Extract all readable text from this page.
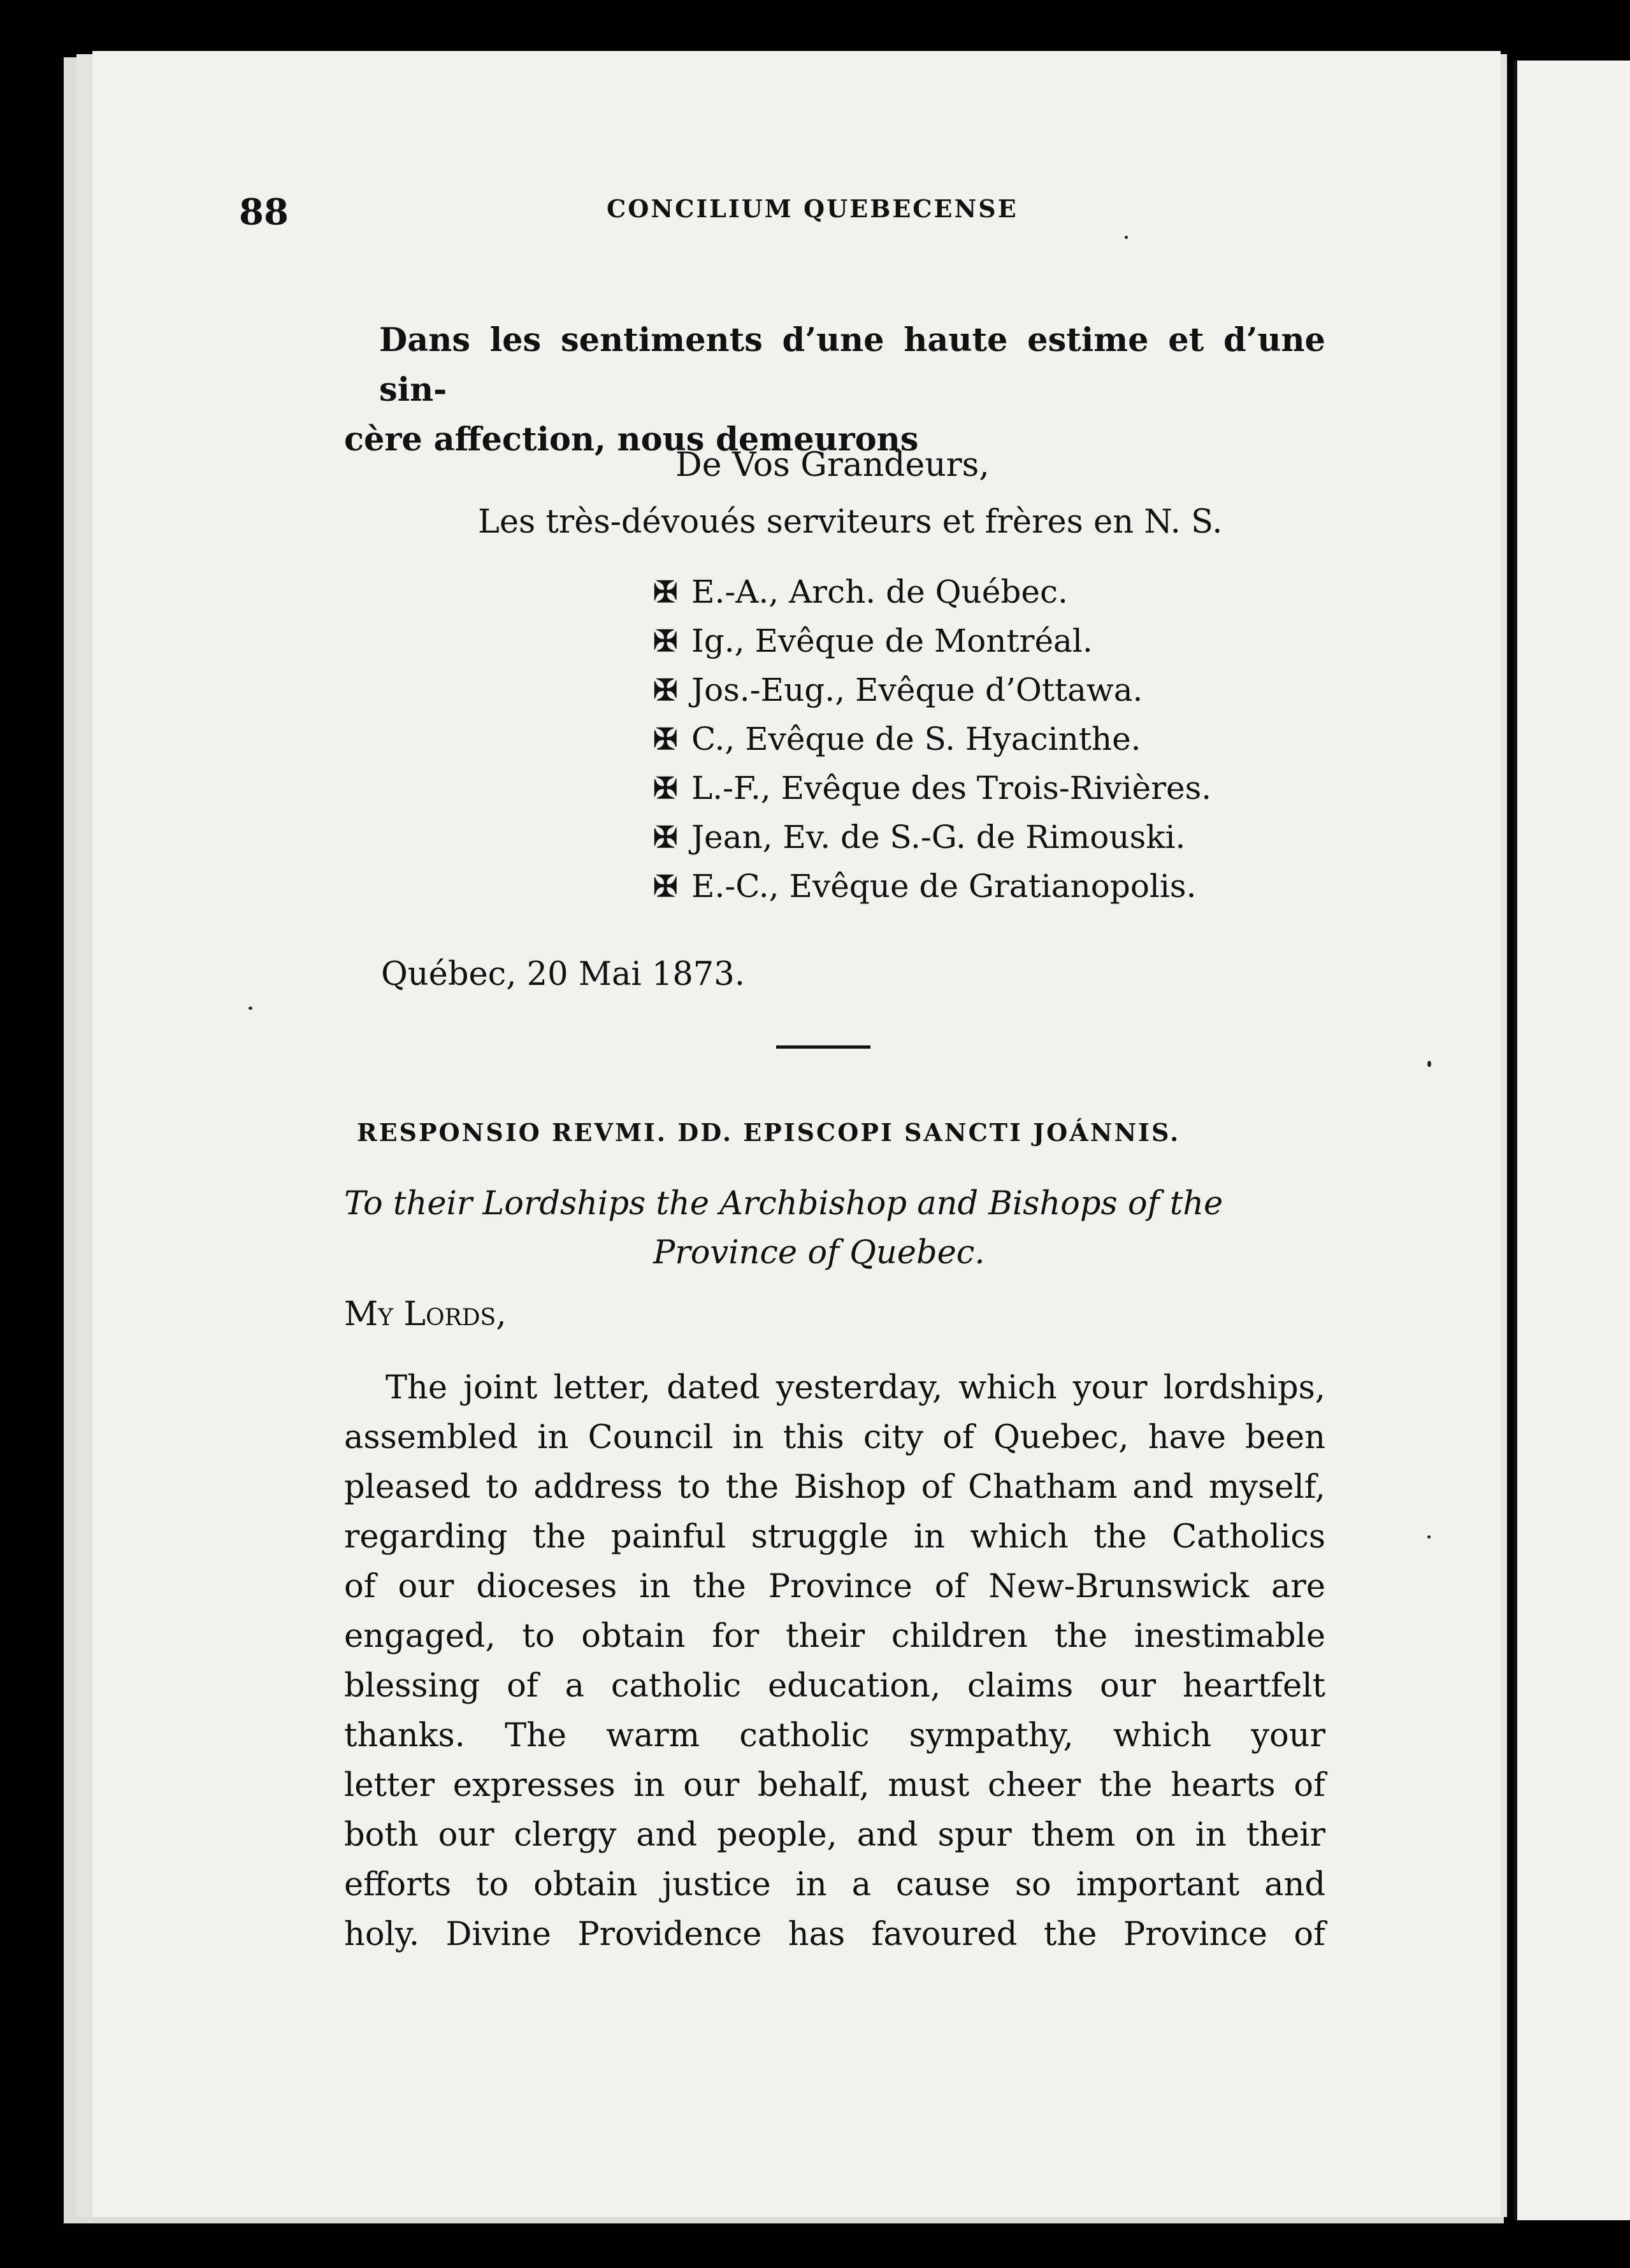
88	CONCILIUM QUEBECENSE
Dans les sentiments d’une haute estime et d’une sin-
cère affection, nous demeurons
De Vos Grandeurs,
Les très-dévoués serviteurs et frères en N. S.
✠ E.-A., Arch. de Québec.
✠ Ig., Evêque de Montréal.
✠ Jos.-Eug., Evêque d’Ottawa.
✠ C., Evêque de S. Hyacinthe.
✠ L.-F., Evêque des Trois-Rivières.
✠ Jean, Ev. de S.-G. de Rimouski.
✠ E.-C., Evêque de Gratianopolis.
Québec, 20 Mai 1873.
RESPONSIO REVMI. DD. EPISCOPI SANCTI JOÁNNIS.
To their Lordships the Archbishop and Bishops of the
Province of Quebec.
My Lords,
The joint letter, dated yesterday, which your lordships,
assembled in Council in this city of Quebec, have been
pleased to address to the Bishop of Chatham and myself,
regarding the painful struggle in which the Catholics
of our dioceses in the Province of New-Brunswick are
engaged, to obtain for their children the inestimable
blessing of a catholic education, claims our heartfelt
thanks. The warm catholic sympathy, which your
letter expresses in our behalf, must cheer the hearts of
both our clergy and people, and spur them on in their
efforts to obtain justice in a cause so important and
holy. Divine Providence has favoured the Province of
